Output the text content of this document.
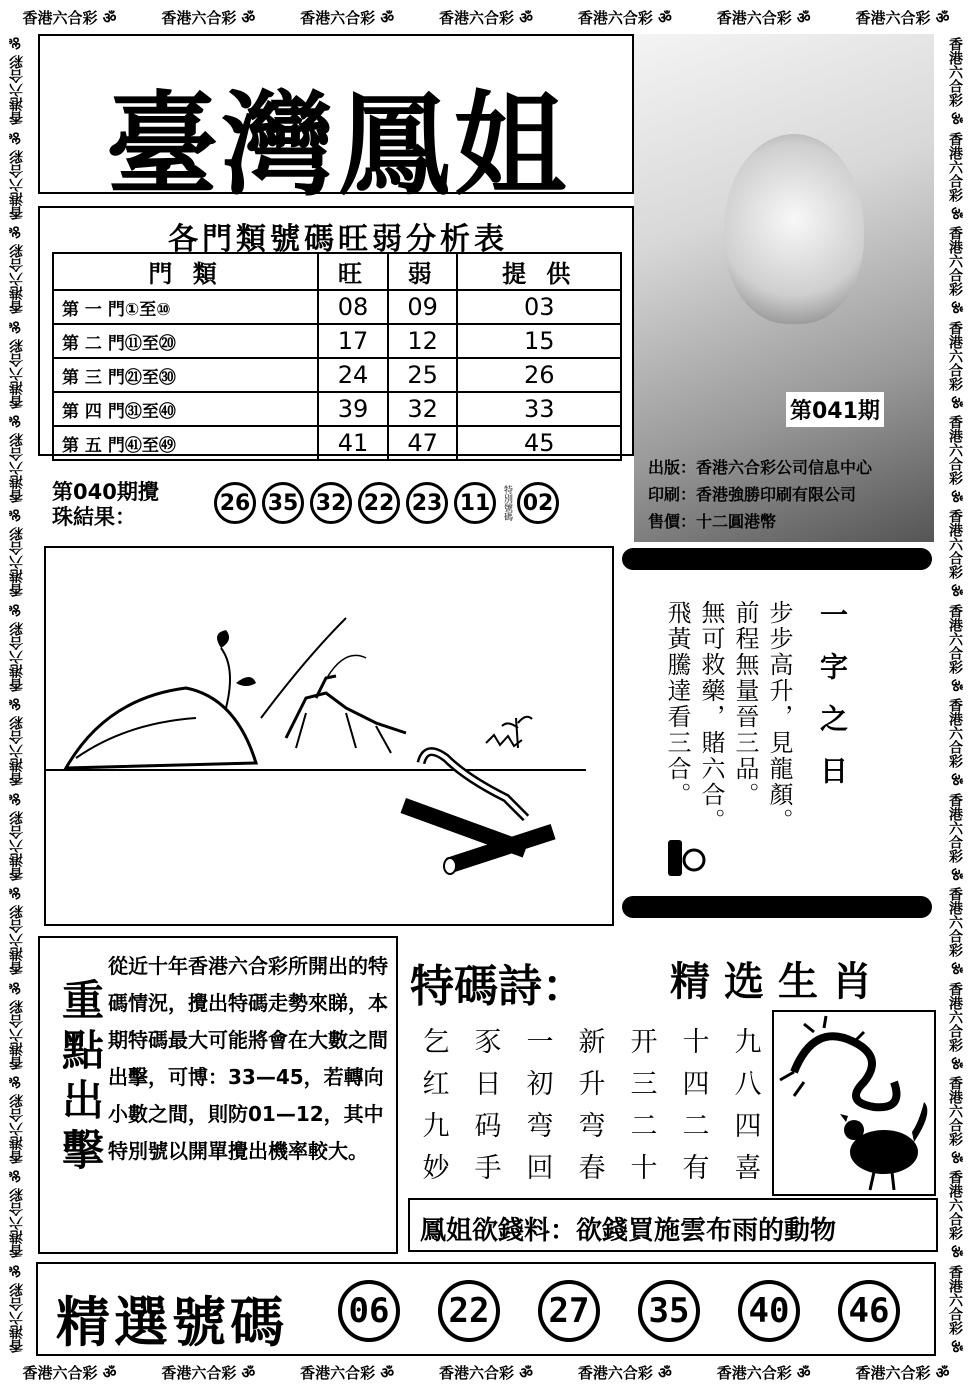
香港六合彩 ॐ	香港六合彩 ॐ	香港六合彩 ॐ	香港六合彩 ॐ	香港六合彩 ॐ	香港六合彩 ॐ	香港六合彩 ॐ
香港六合彩 ॐ	香港六合彩 ॐ	香港六合彩 ॐ	香港六合彩 ॐ	香港六合彩 ॐ	香港六合彩 ॐ	香港六合彩 ॐ
香港六合彩 ॐ
香港六合彩 ॐ
香港六合彩 ॐ
香港六合彩 ॐ
香港六合彩 ॐ
香港六合彩 ॐ
香港六合彩 ॐ
香港六合彩 ॐ
香港六合彩 ॐ
香港六合彩 ॐ
香港六合彩 ॐ
香港六合彩 ॐ
香港六合彩 ॐ
香港六合彩 ॐ
香港六合彩 ॐ
香港六合彩 ॐ
香港六合彩 ॐ
香港六合彩 ॐ
香港六合彩 ॐ
香港六合彩 ॐ
香港六合彩 ॐ
香港六合彩 ॐ
香港六合彩 ॐ
香港六合彩 ॐ
香港六合彩 ॐ
香港六合彩 ॐ
香港六合彩 ॐ
香港六合彩 ॐ
臺灣鳳姐
第041期
出版：香港六合彩公司信息中心
印刷：香港強勝印刷有限公司
售價：十二圓港幣
各門類號碼旺弱分析表
門 類	旺	弱	提 供
第 一 門①至⑩	08	09	03
第 二 門⑪至⑳	17	12	15
第 三 門㉑至㉚	24	25	26
第 四 門㉛至㊵	39	32	33
第 五 門㊶至㊾	41	47	45
第040期攪
珠結果：
26 35 32 22 23 11	特別號碼 02
一字之日
步步高升，見龍顏。
前程無量晉三品。
無可救藥，賭六合。
飛黃騰達看三合。
重點出擊
從近十年香港六合彩所開出的特碼情況，攪出特碼走勢來睇，本期特碼最大可能將會在大數之間出擊，可博：33—45，若轉向小數之間，則防01—12，其中特別號以開單攪出機率較大。
特碼詩： 精选生肖
乞 豕 一 新 开 十 九
红 日 初 升 三 四 八
九 码 弯 弯 二 二 四
妙 手 回 春 十 有 喜
鳳姐欲錢料：欲錢買施雲布雨的動物
精選號碼	06	22	27	35	40	46
